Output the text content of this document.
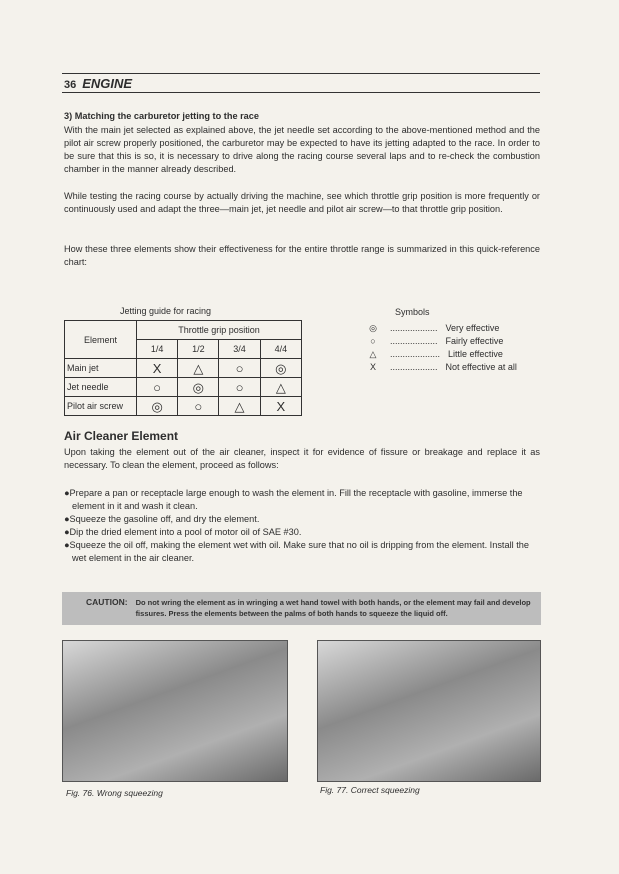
36 ENGINE
3) Matching the carburetor jetting to the race
With the main jet selected as explained above, the jet needle set according to the above-mentioned method and the pilot air screw properly positioned, the carburetor may be expected to have its jetting adapted to the race. In order to be sure that this is so, it is necessary to drive along the racing course several laps and to re-check the combustion chamber in the manner already described.
While testing the racing course by actually driving the machine, see which throttle grip position is more frequently or continuously used and adapt the three—main jet, jet needle and pilot air screw—to that throttle grip position.
How these three elements show their effectiveness for the entire throttle range is summarized in this quick-reference chart:
Jetting guide for racing
Element	Throttle grip position			
	1/4	1/2	3/4	4/4
Main jet	X	△	○	◎
Jet needle	○	◎	○	△
Pilot air screw	◎	○	△	X
Symbols
◎	................... Very effective
○	................... Fairly effective
△	.................... Little effective
X	................... Not effective at all
Air Cleaner Element
Upon taking the element out of the air cleaner, inspect it for evidence of fissure or breakage and replace it as necessary. To clean the element, proceed as follows:
●Prepare a pan or receptacle large enough to wash the element in. Fill the receptacle with gasoline, immerse the element in it and wash it clean.
●Squeeze the gasoline off, and dry the element.
●Dip the dried element into a pool of motor oil of SAE #30.
●Squeeze the oil off, making the element wet with oil. Make sure that no oil is dripping from the element. Install the wet element in the air cleaner.
CAUTION: Do not wring the element as in wringing a wet hand towel with both hands, or the element may fail and develop fissures. Press the elements between the palms of both hands to squeeze the liquid off.
Fig. 76. Wrong squeezing	Fig. 77. Correct squeezing
